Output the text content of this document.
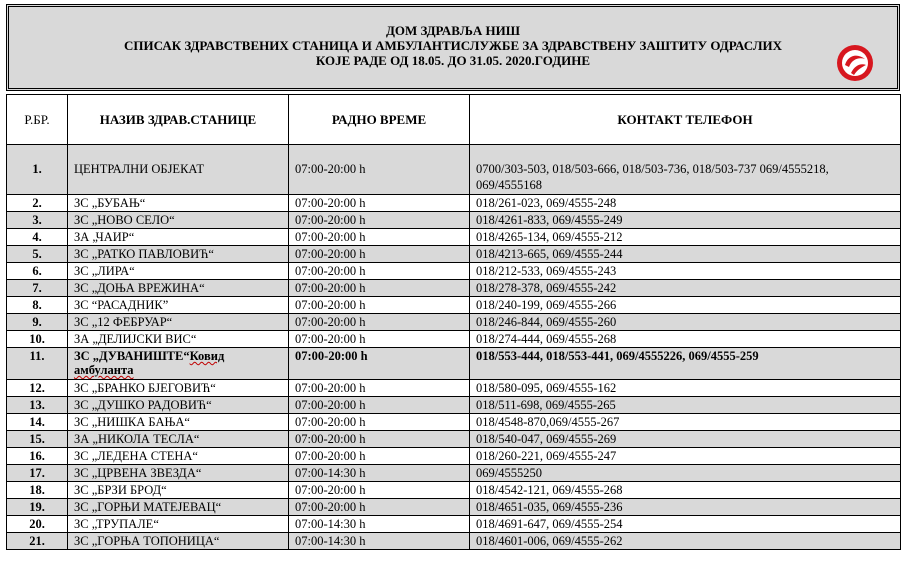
ДОМ ЗДРАВЉА НИШ
СПИСАК ЗДРАВСТВЕНИХ СТАНИЦА И АМБУЛАНТИСЛУЖБЕ ЗА ЗДРАВСТВЕНУ ЗАШТИТУ ОДРАСЛИХ
КОЈЕ РАДЕ ОД 18.05. ДО 31.05. 2020.ГОДИНЕ
Р.БР.	НАЗИВ ЗДРАВ.СТАНИЦЕ	РАДНО ВРЕМЕ	КОНТАКТ ТЕЛЕФОН
1.	ЦЕНТРАЛНИ ОБЈЕКАТ	07:00-20:00 h	0700/303-503, 018/503-666, 018/503-736, 018/503-737 069/4555218, 069/4555168
2.	ЗС „БУБАЊ“	07:00-20:00 h	018/261-023, 069/4555-248
3.	ЗС „НОВО СЕЛО“	07:00-20:00 h	018/4261-833, 069/4555-249
4.	ЗА „ЧАИР“	07:00-20:00 h	018/4265-134, 069/4555-212
5.	ЗС „РАТКО ПАВЛОВИЋ“	07:00-20:00 h	018/4213-665, 069/4555-244
6.	ЗС „ЛИРА“	07:00-20:00 h	018/212-533, 069/4555-243
7.	ЗС „ДОЊА ВРЕЖИНА“	07:00-20:00 h	018/278-378, 069/4555-242
8.	ЗС “РАСАДНИК”	07:00-20:00 h	018/240-199, 069/4555-266
9.	ЗС „12 ФЕБРУАР“	07:00-20:00 h	018/246-844, 069/4555-260
10.	ЗА „ДЕЛИЈСКИ ВИС“	07:00-20:00 h	018/274-444, 069/4555-268
11.	ЗС „ДУВАНИШТЕ“Ковид амбуланта	07:00-20:00 h	018/553-444, 018/553-441, 069/4555226, 069/4555-259
12.	ЗС „БРАНКО БЈЕГОВИЋ“	07:00-20:00 h	018/580-095, 069/4555-162
13.	ЗС „ДУШКО РАДОВИЋ“	07:00-20:00 h	018/511-698, 069/4555-265
14.	ЗС „НИШКА БАЊА“	07:00-20:00 h	018/4548-870,069/4555-267
15.	ЗА „НИКОЛА ТЕСЛА“	07:00-20:00 h	018/540-047, 069/4555-269
16.	ЗС „ЛЕДЕНА СТЕНА“	07:00-20:00 h	018/260-221, 069/4555-247
17.	ЗС „ЦРВЕНА ЗВЕЗДА“	07:00-14:30 h	069/4555250
18.	ЗС „БРЗИ БРОД“	07:00-20:00 h	018/4542-121, 069/4555-268
19.	ЗС „ГОРЊИ МАТЕЈЕВАЦ“	07:00-20:00 h	018/4651-035, 069/4555-236
20.	ЗС „ТРУПАЛЕ“	07:00-14:30 h	018/4691-647, 069/4555-254
21.	ЗС „ГОРЊА ТОПОНИЦА“	07:00-14:30 h	018/4601-006, 069/4555-262
